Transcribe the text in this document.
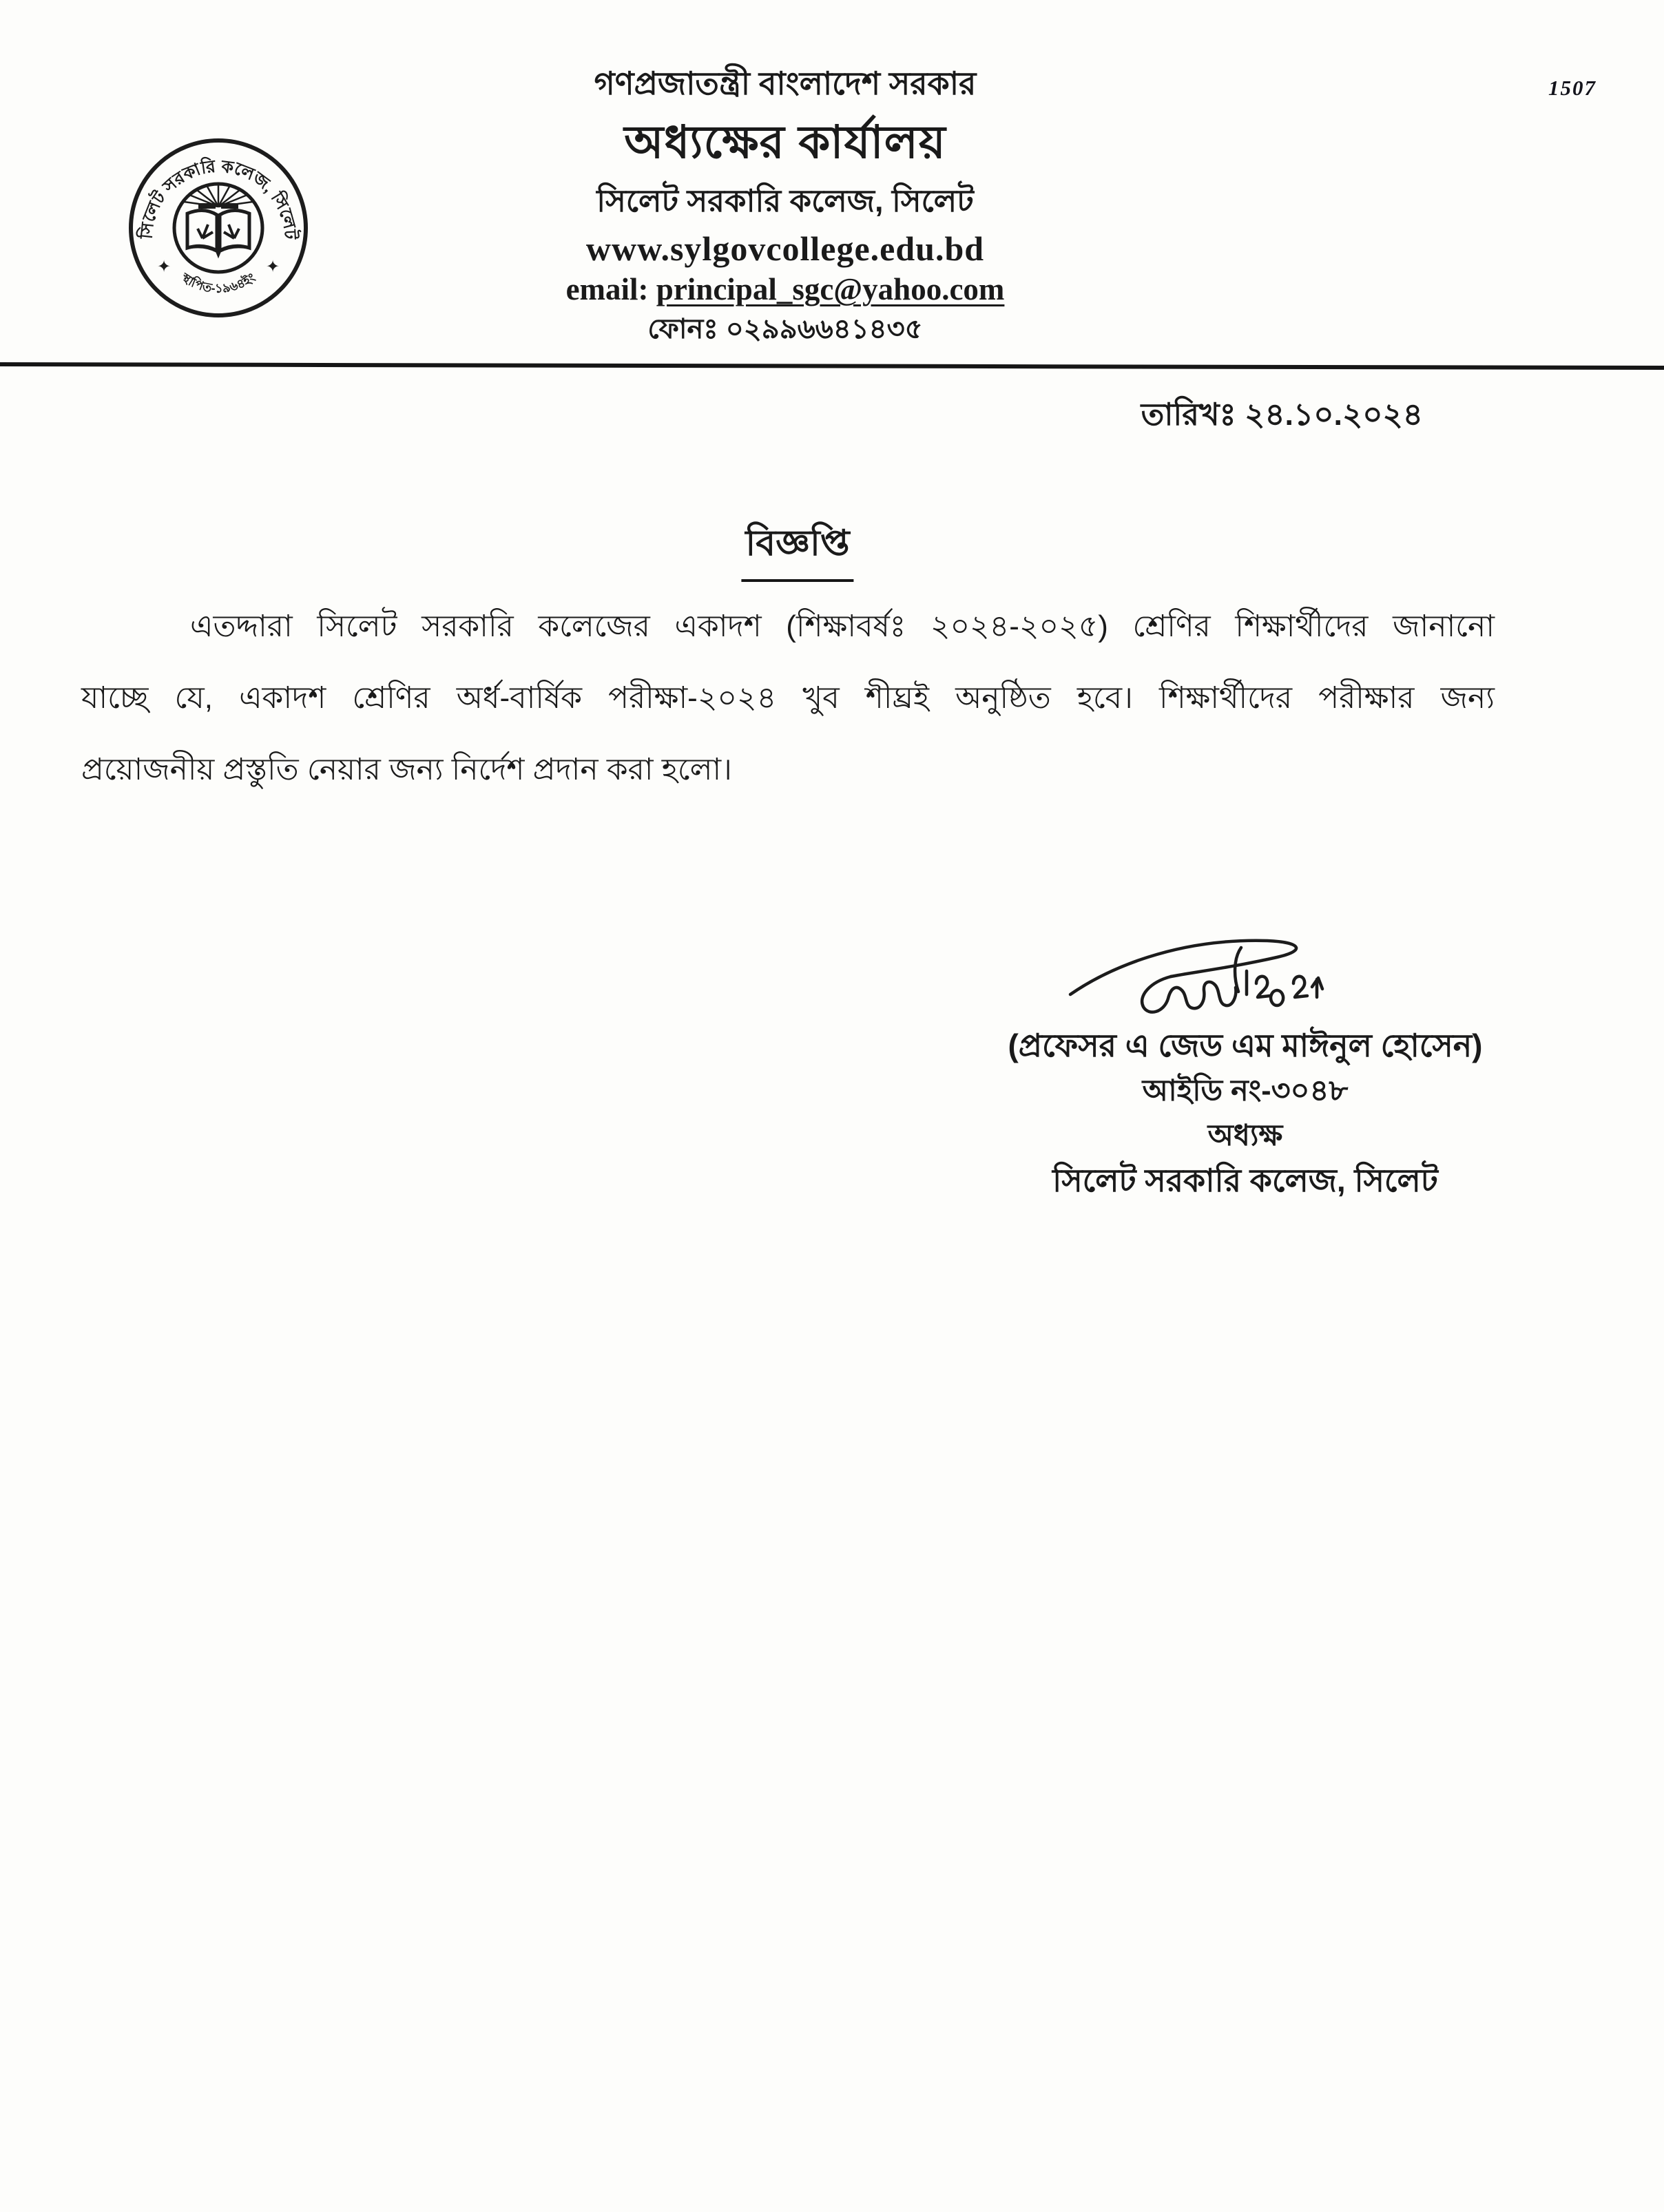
1507
সিলেট সরকারি কলেজ, সিলেট
স্থাপিত-১৯৬৪ইং
✦	✦
গণপ্রজাতন্ত্রী বাংলাদেশ সরকার
অধ্যক্ষের কার্যালয়
সিলেট সরকারি কলেজ, সিলেট
www.sylgovcollege.edu.bd
email: principal_sgc@yahoo.com
ফোনঃ ০২৯৯৬৬৪১৪৩৫
তারিখঃ ২৪.১০.২০২৪
বিজ্ঞপ্তি
এতদ্দারা সিলেট সরকারি কলেজের একাদশ (শিক্ষাবর্ষঃ ২০২৪-২০২৫) শ্রেণির শিক্ষার্থীদের জানানো
যাচ্ছে যে, একাদশ শ্রেণির অর্ধ-বার্ষিক পরীক্ষা-২০২৪ খুব শীঘ্রই অনুষ্ঠিত হবে। শিক্ষার্থীদের পরীক্ষার জন্য
প্রয়োজনীয় প্রস্তুতি নেয়ার জন্য নির্দেশ প্রদান করা হলো।
(প্রফেসর এ জেড এম মাঈনুল হোসেন)
আইডি নং-৩০৪৮
অধ্যক্ষ
সিলেট সরকারি কলেজ, সিলেট
